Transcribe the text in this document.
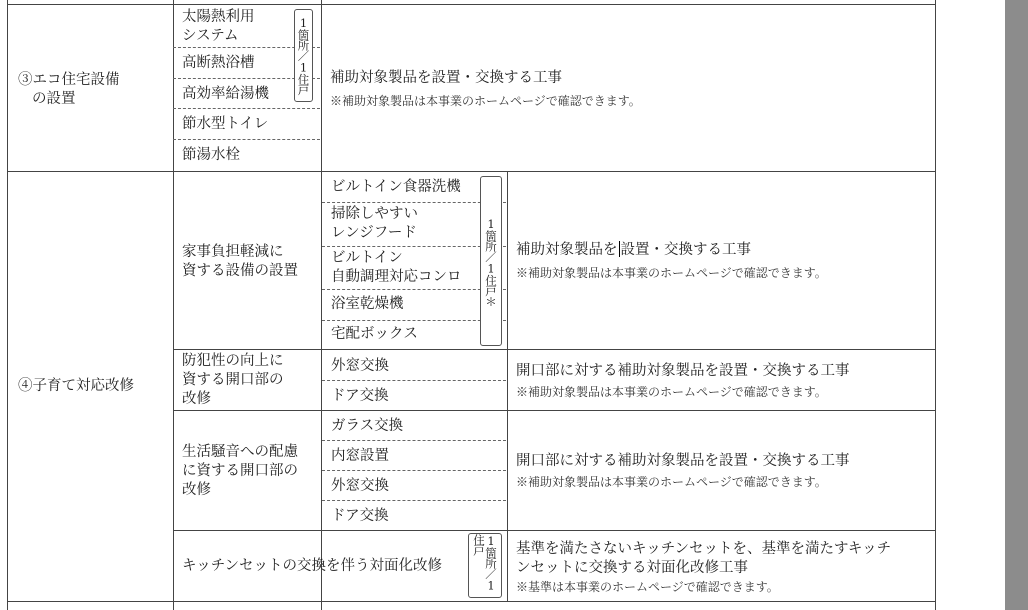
③エコ住宅設備
の設置
太陽熱利用
システム
高断熱浴槽
高効率給湯機
節水型トイレ
節湯水栓
1箇所／1住戸 補助対象製品を設置・交換する工事
※補助対象製品は本事業のホームページで確認できます。
④子育て対応改修
家事負担軽減に
資する設備の設置
ビルトイン食器洗機
掃除しやすい
レンジフード
ビルトイン
自動調理対応コンロ
浴室乾燥機
宅配ボックス
1箇所／1住戸＊ 補助対象製品を 設置・交換する工事
※補助対象製品は本事業のホームページで確認できます。
防犯性の向上に
資する開口部の
改修
外窓交換
ドア交換
開口部に対する補助対象製品を設置・交換する工事
※補助対象製品は本事業のホームページで確認できます。
生活騒音への配慮
に資する開口部の
改修
ガラス交換
内窓設置
外窓交換
ドア交換
開口部に対する補助対象製品を設置・交換する工事
※補助対象製品は本事業のホームページで確認できます。
キッチンセットの交換を伴う対面化改修	1箇所／1住戸	基準を満たさないキッチンセットを、基準を満たすキッチ
ンセットに交換する対面化改修工事
※基準は本事業のホームページで確認できます。
